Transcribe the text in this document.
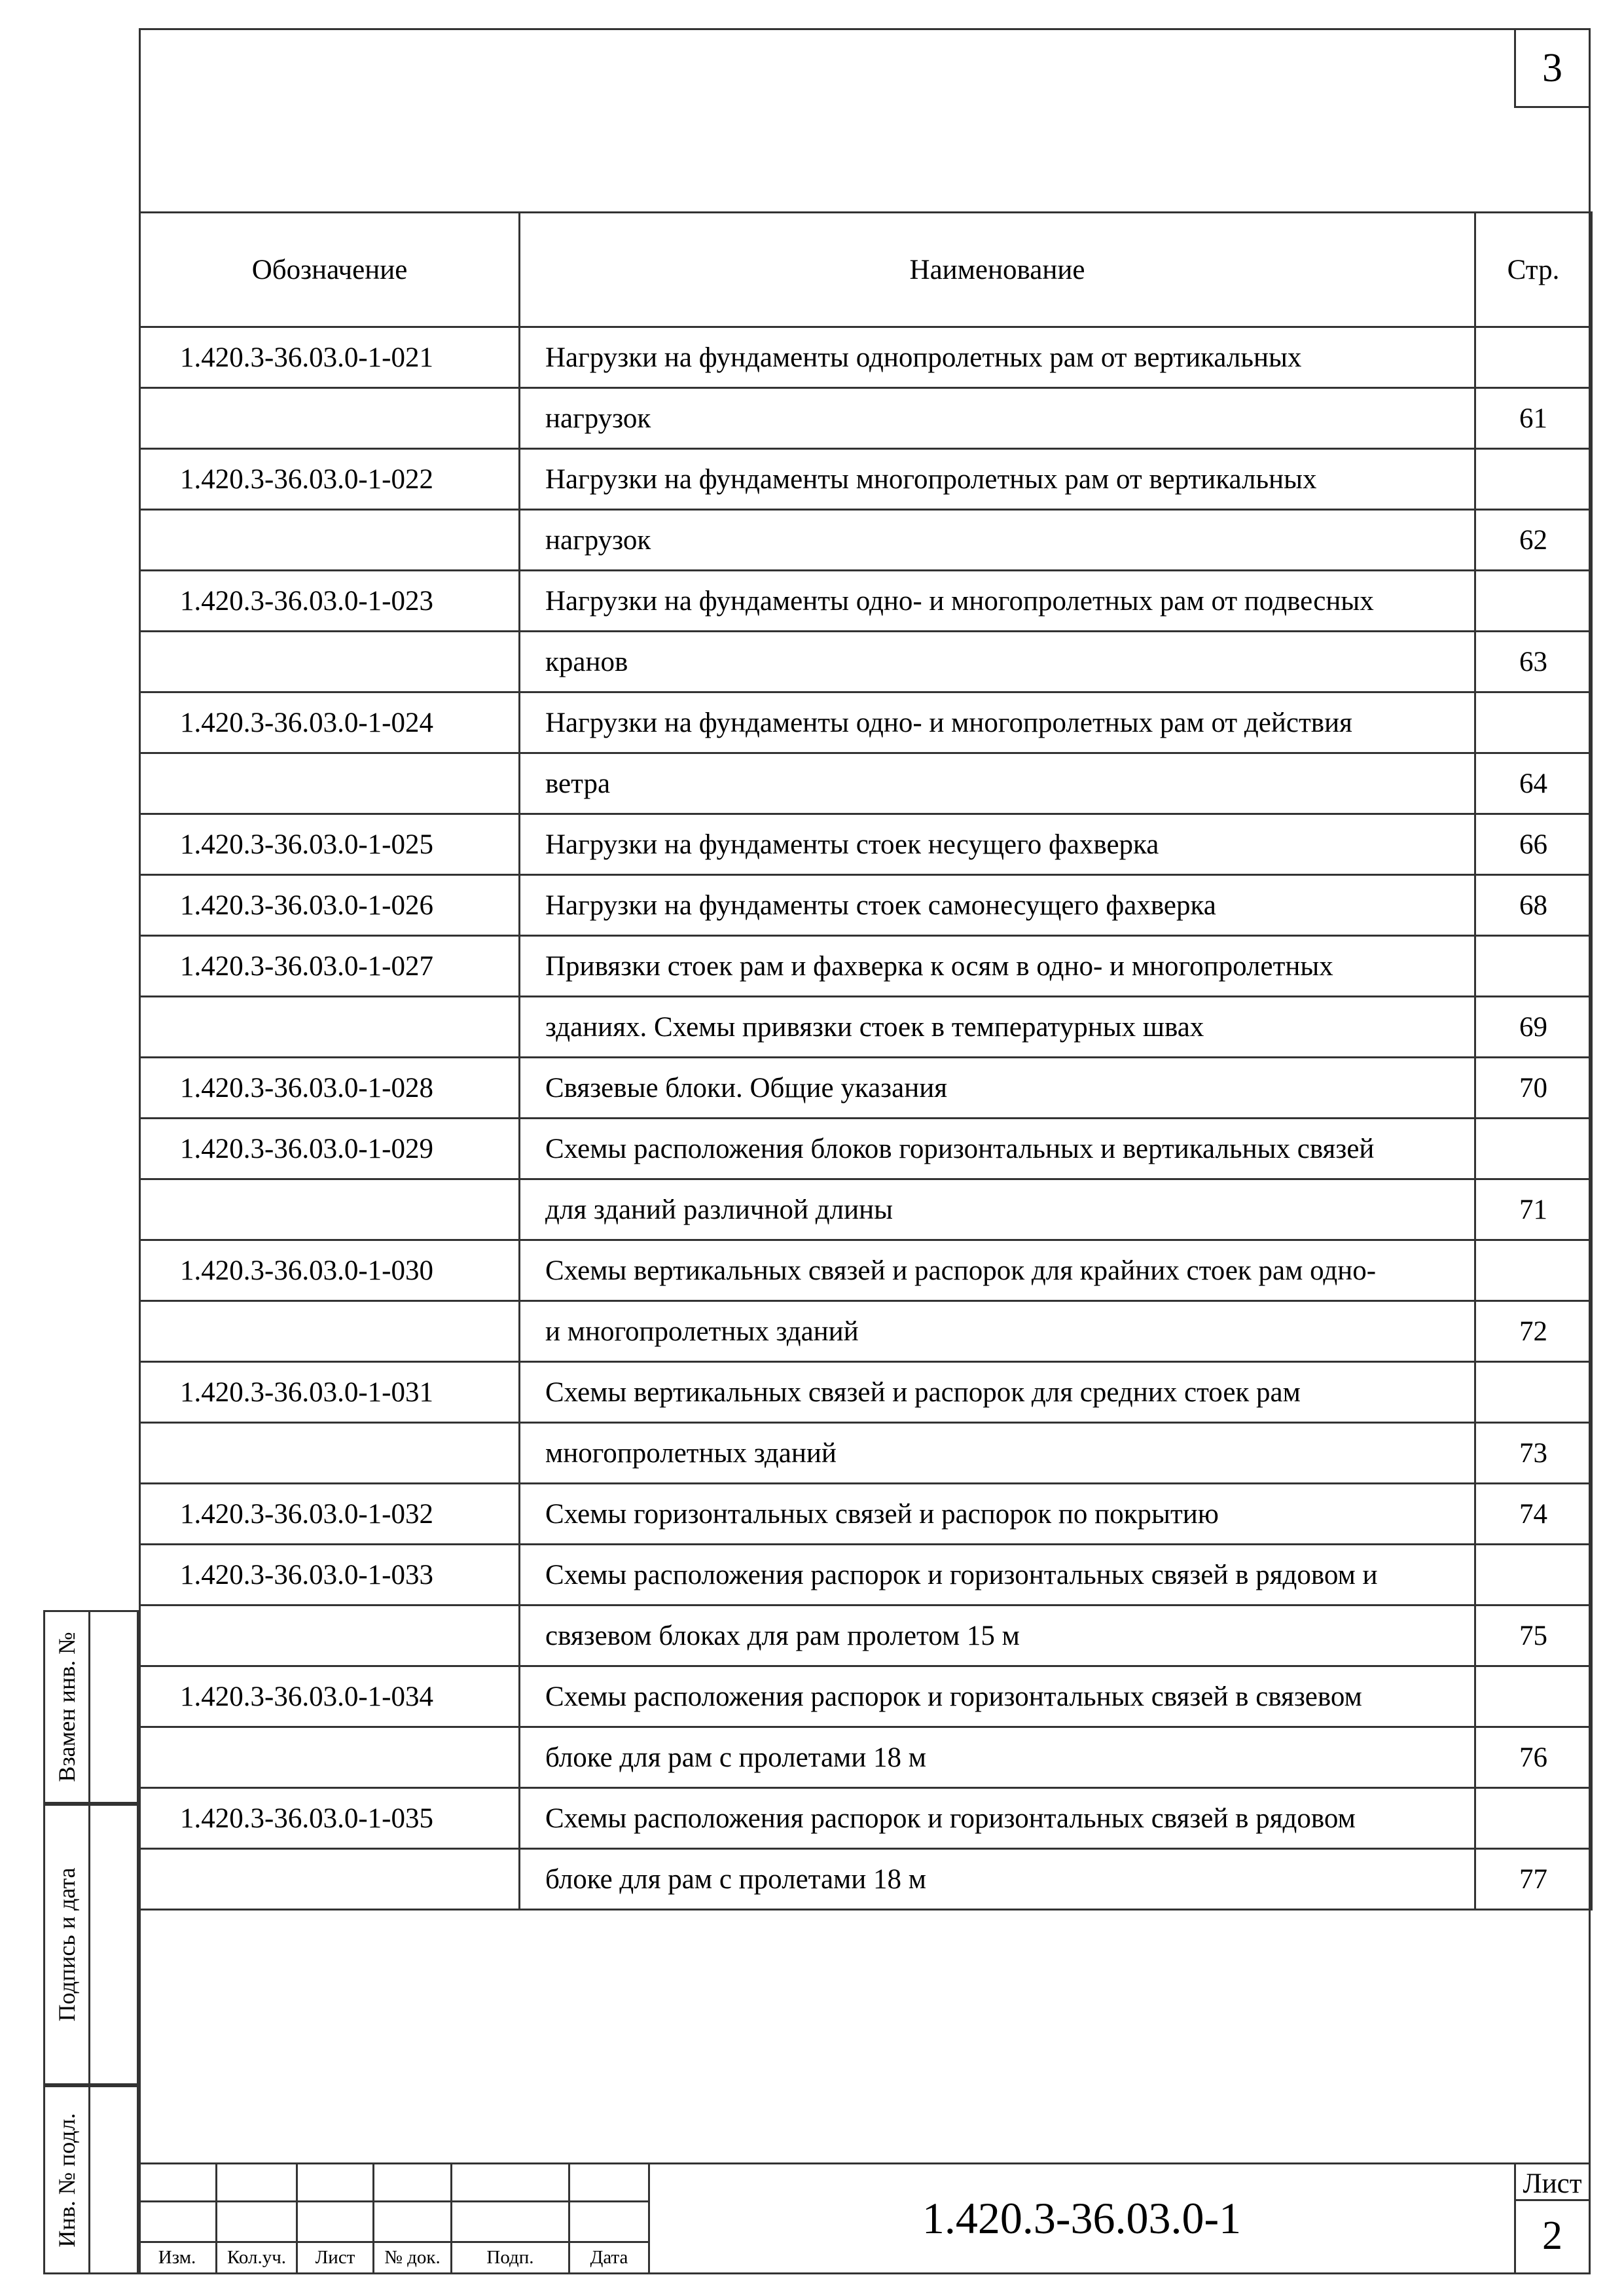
3
Обозначение	Наименование	Стр.
1.420.3-36.03.0-1-021	Нагрузки на фундаменты однопролетных рам от вертикальных	
	нагрузок	61
1.420.3-36.03.0-1-022	Нагрузки на фундаменты многопролетных рам от вертикальных	
	нагрузок	62
1.420.3-36.03.0-1-023	Нагрузки на фундаменты одно- и многопролетных рам от подвесных	
	кранов	63
1.420.3-36.03.0-1-024	Нагрузки на фундаменты одно- и многопролетных рам от действия	
	ветра	64
1.420.3-36.03.0-1-025	Нагрузки на фундаменты стоек несущего фахверка	66
1.420.3-36.03.0-1-026	Нагрузки на фундаменты стоек самонесущего фахверка	68
1.420.3-36.03.0-1-027	Привязки стоек рам и фахверка к осям в одно- и многопролетных	
	зданиях. Схемы привязки стоек в температурных швах	69
1.420.3-36.03.0-1-028	Связевые блоки. Общие указания	70
1.420.3-36.03.0-1-029	Схемы расположения блоков горизонтальных и вертикальных связей	
	для зданий различной длины	71
1.420.3-36.03.0-1-030	Схемы вертикальных связей и распорок для крайних стоек рам одно-	
	и многопролетных зданий	72
1.420.3-36.03.0-1-031	Схемы вертикальных связей и распорок для средних стоек рам	
	многопролетных зданий	73
1.420.3-36.03.0-1-032	Схемы горизонтальных связей и распорок по покрытию	74
1.420.3-36.03.0-1-033	Схемы расположения распорок и горизонтальных связей в рядовом и	
	связевом блоках для рам пролетом 15 м	75
1.420.3-36.03.0-1-034	Схемы расположения распорок и горизонтальных связей в связевом	
	блоке для рам с пролетами 18 м	76
1.420.3-36.03.0-1-035	Схемы расположения распорок и горизонтальных связей в рядовом	
	блоке для рам с пролетами 18 м	77
Взамен инв. №
Подпись и дата
Инв. № подл.
Изм.	Кол.уч.	Лист	№ док.	Подп.	Дата
1.420.3-36.03.0-1
Лист
2
